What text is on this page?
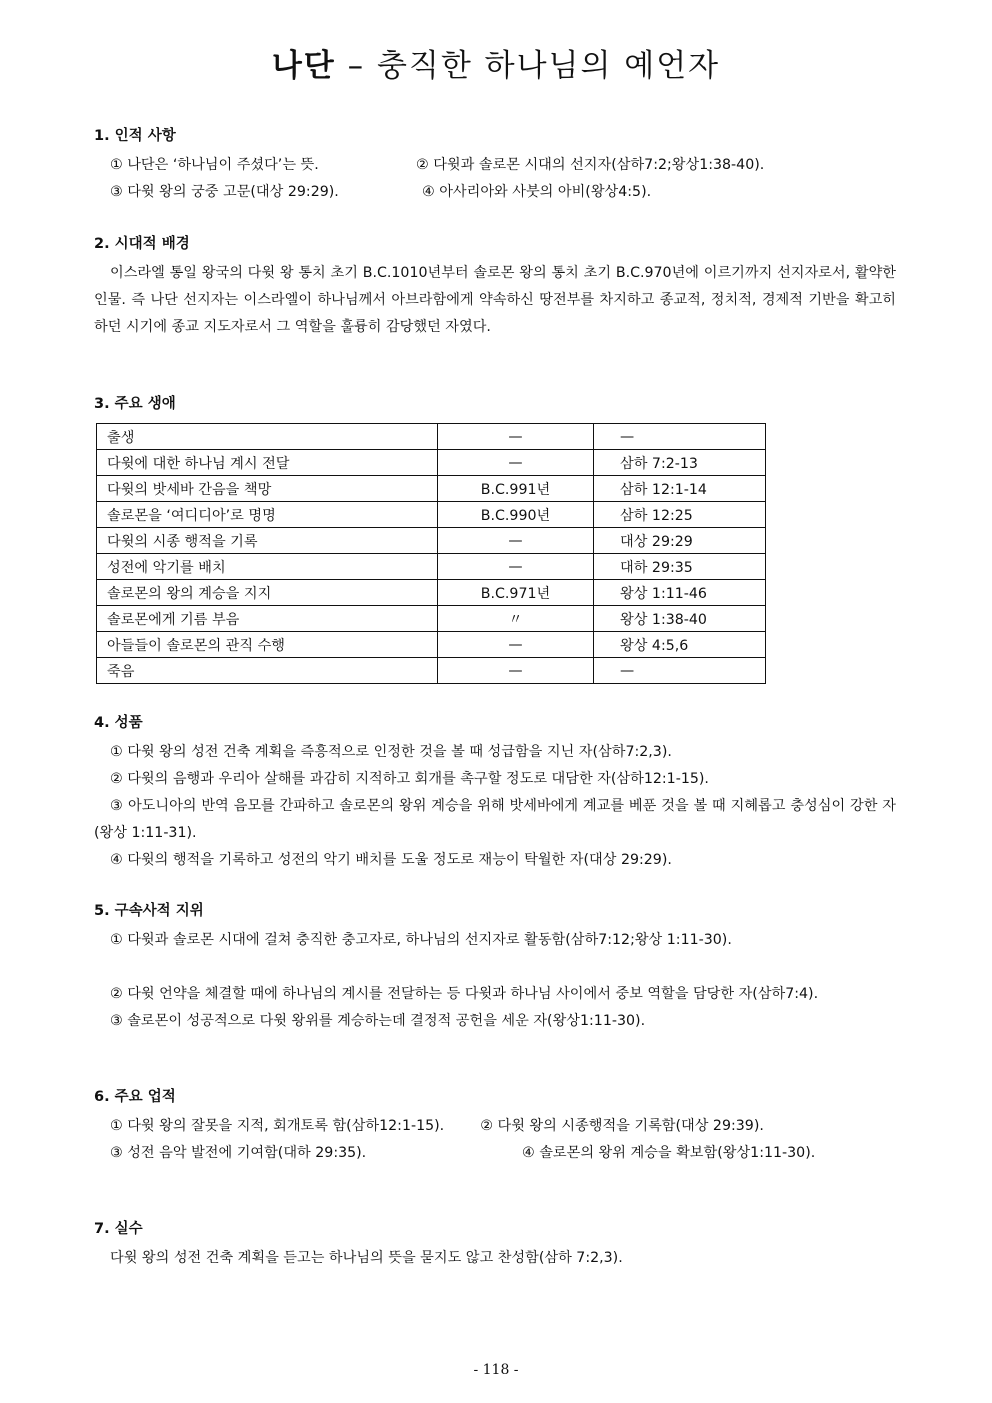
나단 – 충직한 하나님의 예언자

1. 인적 사항

① 나단은 ‘하나님이 주셨다’는 뜻.	② 다윗과 솔로몬 시대의 선지자(삼하7:2;왕상1:38-40).
③ 다윗 왕의 궁중 고문(대상 29:29).	④ 아사리아와 사붓의 아비(왕상4:5).

2. 시대적 배경

이스라엘 통일 왕국의 다윗 왕 통치 초기 B.C.1010년부터 솔로몬 왕의 통치 초기 B.C.970년에 이르기까지 선지자로서, 활약한 인물. 즉 나단 선지자는 이스라엘이 하나님께서 아브라함에게 약속하신 땅전부를 차지하고 종교적, 정치적, 경제적 기반을 확고히 하던 시기에 종교 지도자로서 그 역할을 훌륭히 감당했던 자였다.

3. 주요 생애

출생	—	—
다윗에 대한 하나님 계시 전달	—	삼하 7:2-13
다윗의 밧세바 간음을 책망	B.C.991년	삼하 12:1-14
솔로몬을 ‘여디디아’로 명명	B.C.990년	삼하 12:25
다윗의 시종 행적을 기록	—	대상 29:29
성전에 악기를 배치	—	대하 29:35
솔로몬의 왕의 계승을 지지	B.C.971년	왕상 1:11-46
솔로몬에게 기름 부음	〃	왕상 1:38-40
아들들이 솔로몬의 관직 수행	—	왕상 4:5,6
죽음	—	—

4. 성품

① 다윗 왕의 성전 건축 계획을 즉흥적으로 인정한 것을 볼 때 성급함을 지닌 자(삼하7:2,3).
② 다윗의 음행과 우리아 살해를 과감히 지적하고 회개를 촉구할 정도로 대담한 자(삼하12:1-15).

③ 아도니아의 반역 음모를 간파하고 솔로몬의 왕위 계승을 위해 밧세바에게 계교를 베푼 것을 볼 때 지혜롭고 충성심이 강한 자(왕상 1:11-31).

④ 다윗의 행적을 기록하고 성전의 악기 배치를 도울 정도로 재능이 탁월한 자(대상 29:29).

5. 구속사적 지위

① 다윗과 솔로몬 시대에 걸쳐 충직한 충고자로, 하나님의 선지자로 활동함(삼하7:12;왕상 1:11-30).

② 다윗 언약을 체결할 때에 하나님의 계시를 전달하는 등 다윗과 하나님 사이에서 중보 역할을 담당한 자(삼하7:4).

③ 솔로몬이 성공적으로 다윗 왕위를 계승하는데 결정적 공헌을 세운 자(왕상1:11-30).

6. 주요 업적

① 다윗 왕의 잘못을 지적, 회개토록 함(삼하12:1-15).        ② 다윗 왕의 시종행적을 기록함(대상 29:39).

③ 성전 음악 발전에 기여함(대하 29:35).	④ 솔로몬의 왕위 계승을 확보함(왕상1:11-30).

7. 실수

다윗 왕의 성전 건축 계획을 듣고는 하나님의 뜻을 묻지도 않고 찬성함(삼하 7:2,3).
- 118 -
